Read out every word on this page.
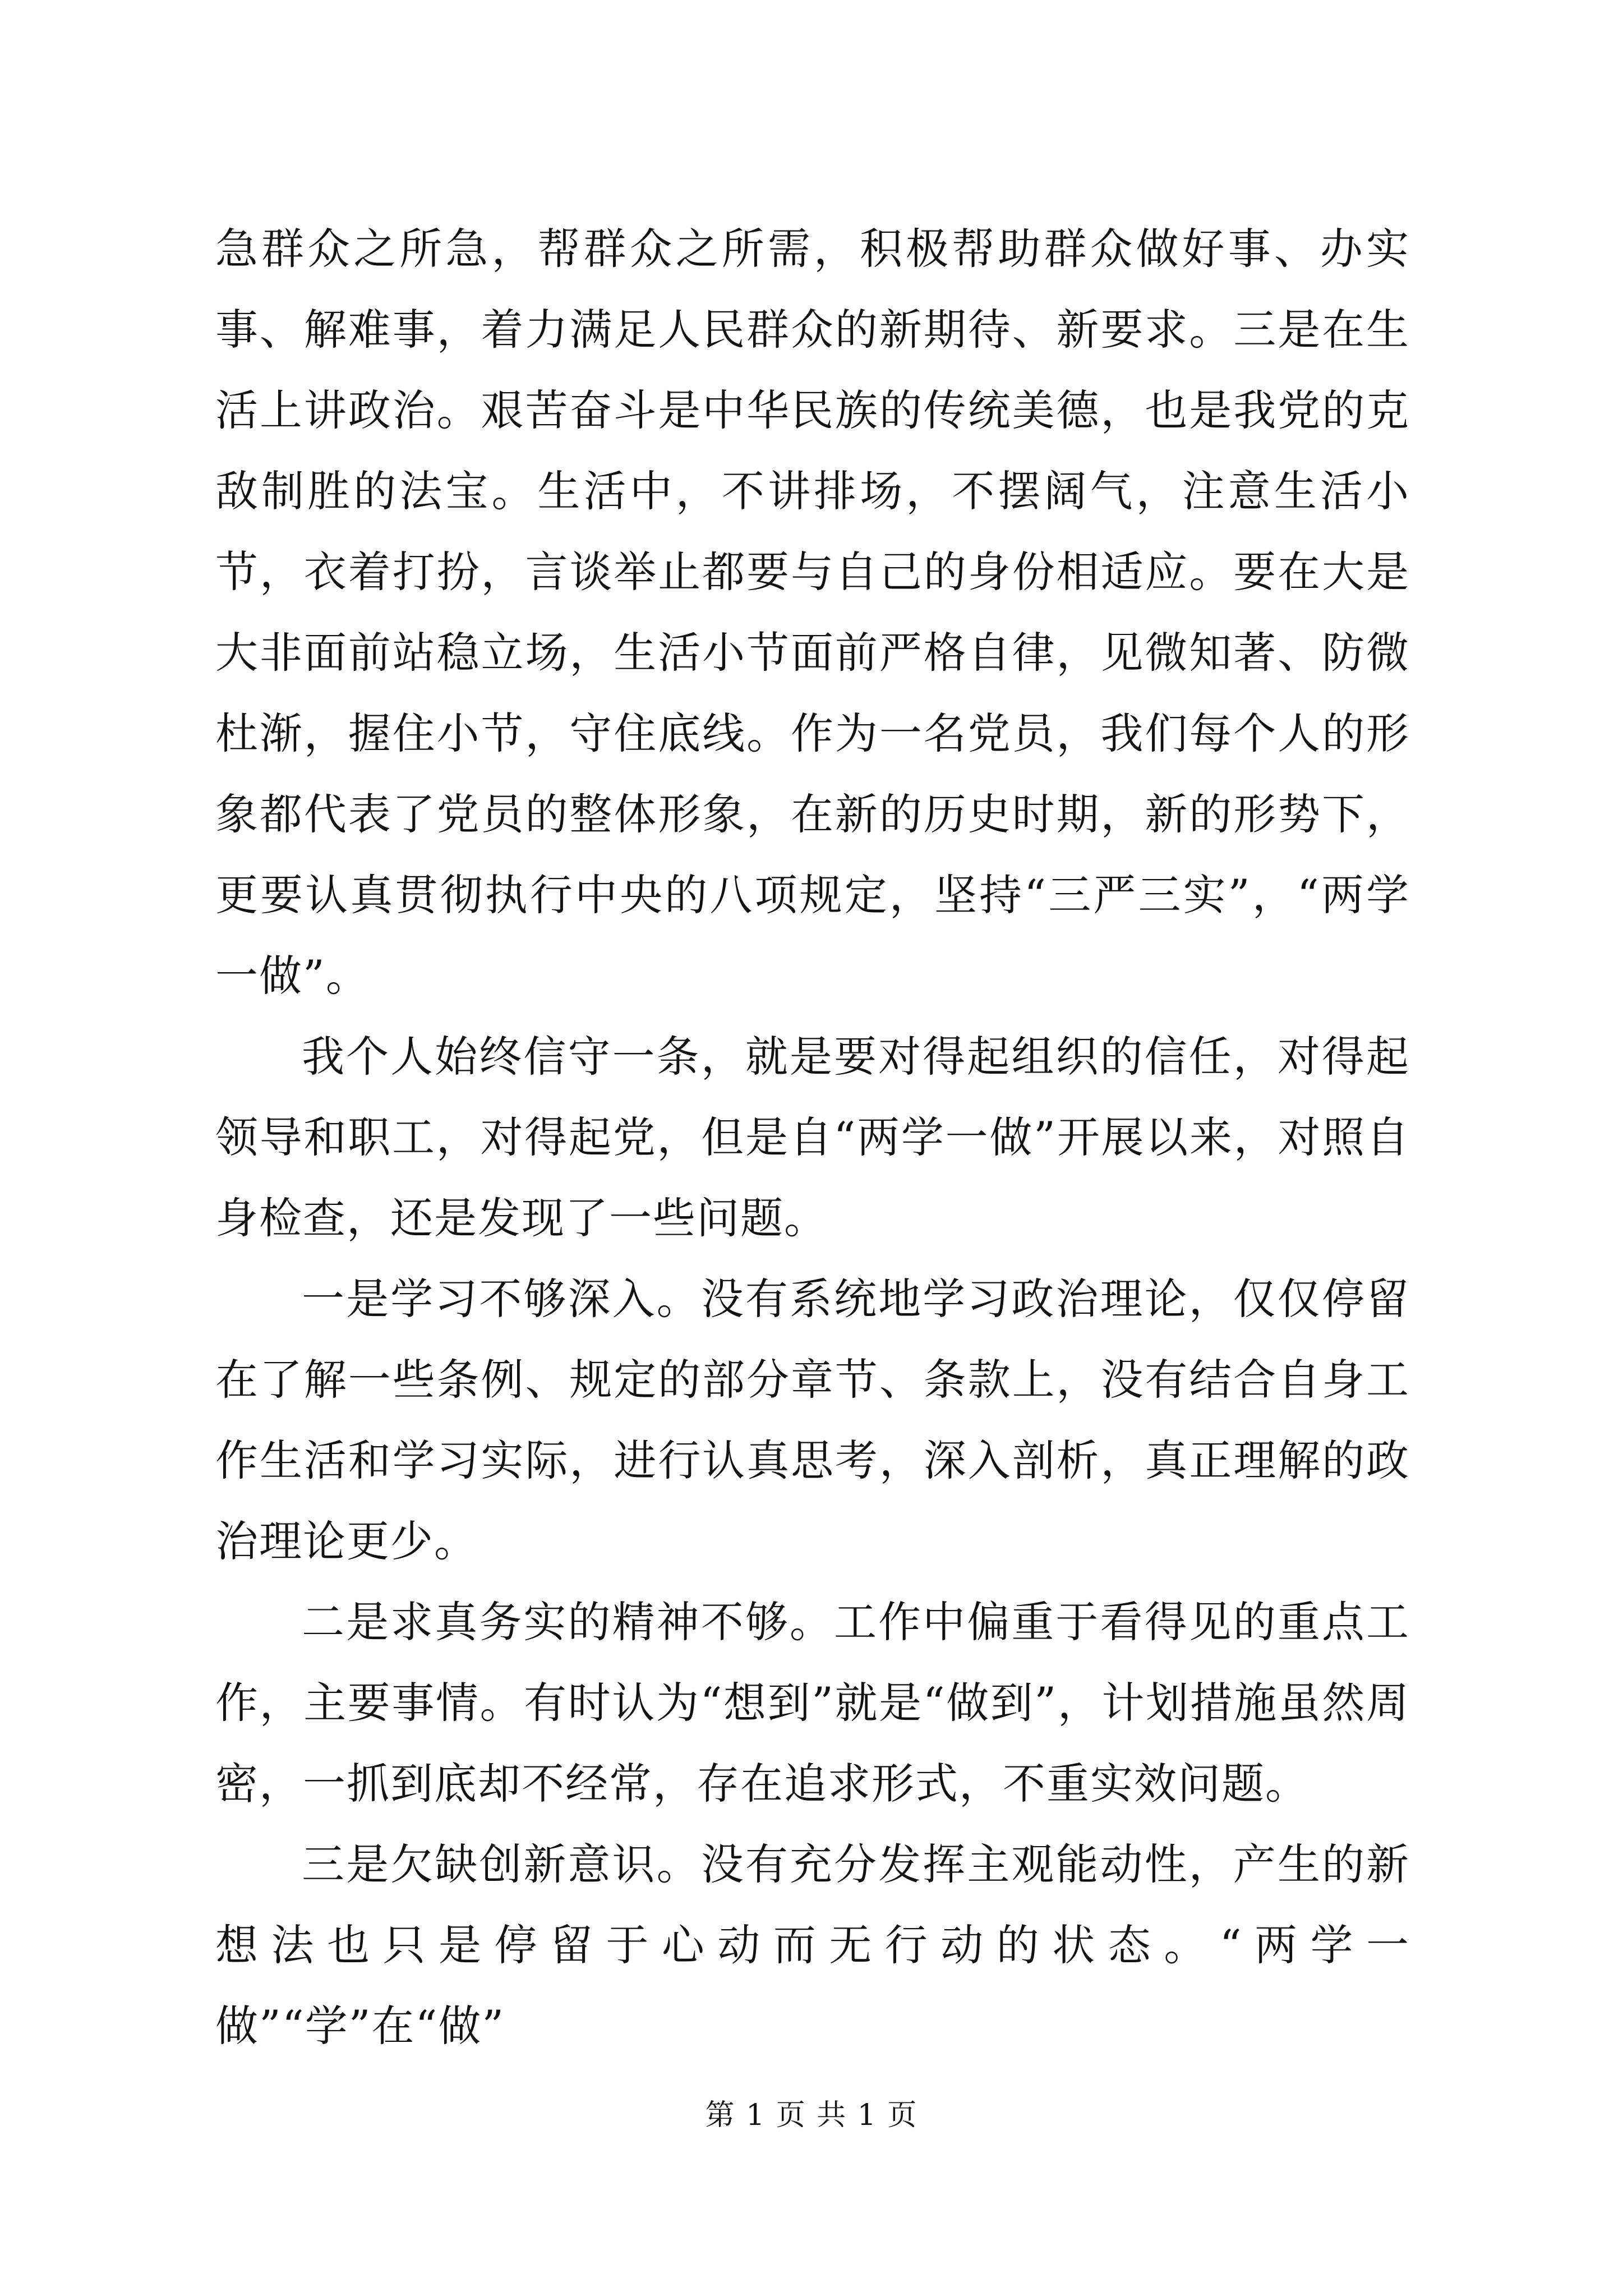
急群众之所急，帮群众之所需，积极帮助群众做好事、办实事、解难事，着力满足人民群众的新期待、新要求。三是在生活上讲政治。艰苦奋斗是中华民族的传统美德，也是我党的克敌制胜的法宝。生活中，不讲排场，不摆阔气，注意生活小节，衣着打扮，言谈举止都要与自己的身份相适应。要在大是大非面前站稳立场，生活小节面前严格自律，见微知著、防微杜渐，握住小节，守住底线。作为一名党员，我们每个人的形象都代表了党员的整体形象，在新的历史时期，新的形势下，更要认真贯彻执行中央的八项规定，坚持“三严三实”，“两学一做”。

我个人始终信守一条，就是要对得起组织的信任，对得起领导和职工，对得起党，但是自“两学一做”开展以来，对照自身检查，还是发现了一些问题。

一是学习不够深入。没有系统地学习政治理论，仅仅停留在了解一些条例、规定的部分章节、条款上，没有结合自身工作生活和学习实际，进行认真思考，深入剖析，真正理解的政治理论更少。

二是求真务实的精神不够。工作中偏重于看得见的重点工作，主要事情。有时认为“想到”就是“做到”，计划措施虽然周密，一抓到底却不经常，存在追求形式，不重实效问题。

三是欠缺创新意识。没有充分发挥主观能动性，产生的新想法也只是停留于心动而无行动的状态。“两学一做”“学”在“做”

第 1 页 共 1 页
